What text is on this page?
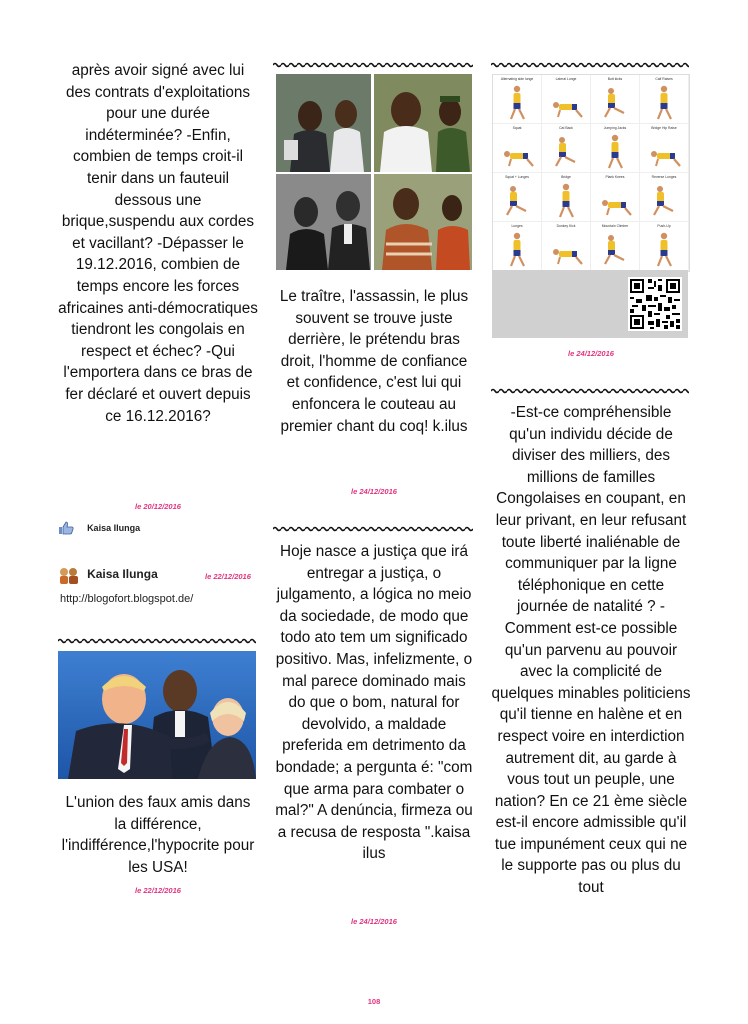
après avoir signé avec lui des contrats d'exploitations pour une durée indéterminée? -Enfin, combien de temps croit-il tenir dans un fauteuil dessous une brique,suspendu aux cordes et vacillant? -Dépasser le 19.12.2016, combien de temps encore les forces africaines anti-démocratiques tiendront les congolais en respect et échec? -Qui l'emportera dans ce bras de fer déclaré et ouvert depuis ce 16.12.2016?
le 20/12/2016
Kaisa Ilunga
Kaisa Ilunga	le 22/12/2016
http://blogofort.blogspot.de/
L'union des faux amis dans la différence, l'indifférence,l'hypocrite pour les USA!
le 22/12/2016
Le traître, l'assassin, le plus souvent se trouve juste derrière, le prétendu bras droit, l'homme de confiance et confidence, c'est lui qui enfoncera le couteau au premier chant du coq! k.ilus
le 24/12/2016
Hoje nasce a justiça que irá entregar a justiça, o julgamento, a lógica no meio da sociedade, de modo que todo ato tem um significado positivo. Mas, infelizmente, o mal parece dominado mais do que o bom, natural for devolvido, a maldade preferida em detrimento da bondade; a pergunta é: "com que arma para combater o mal?" A denúncia, firmeza ou a recusa de resposta ".kaisa ilus
le 24/12/2016
Alternating side lunge	Lateral Lunge	Butt kicks	Calf Raises
Squat	Cat Back	Jumping Jacks	Bridge Hip Raise
Squat + Lunges	Bridge	Plank Knees	Reverse Lunges
Lunges	Donkey Kick	Mountain Climber	Push-Up
le 24/12/2016
-Est-ce compréhensible qu'un individu décide de diviser des milliers, des millions de familles Congolaises en coupant, en leur privant, en leur refusant toute liberté inaliénable de communiquer par la ligne téléphonique en cette journée de natalité ? -Comment est-ce possible qu'un parvenu au pouvoir avec la complicité de quelques minables politiciens qu'il tienne en halène et en respect voire en interdiction autrement dit, au garde à vous tout un peuple, une nation? En ce 21 ème siècle est-il encore admissible qu'il tue impunément ceux qui ne le supporte pas ou plus du tout
108
